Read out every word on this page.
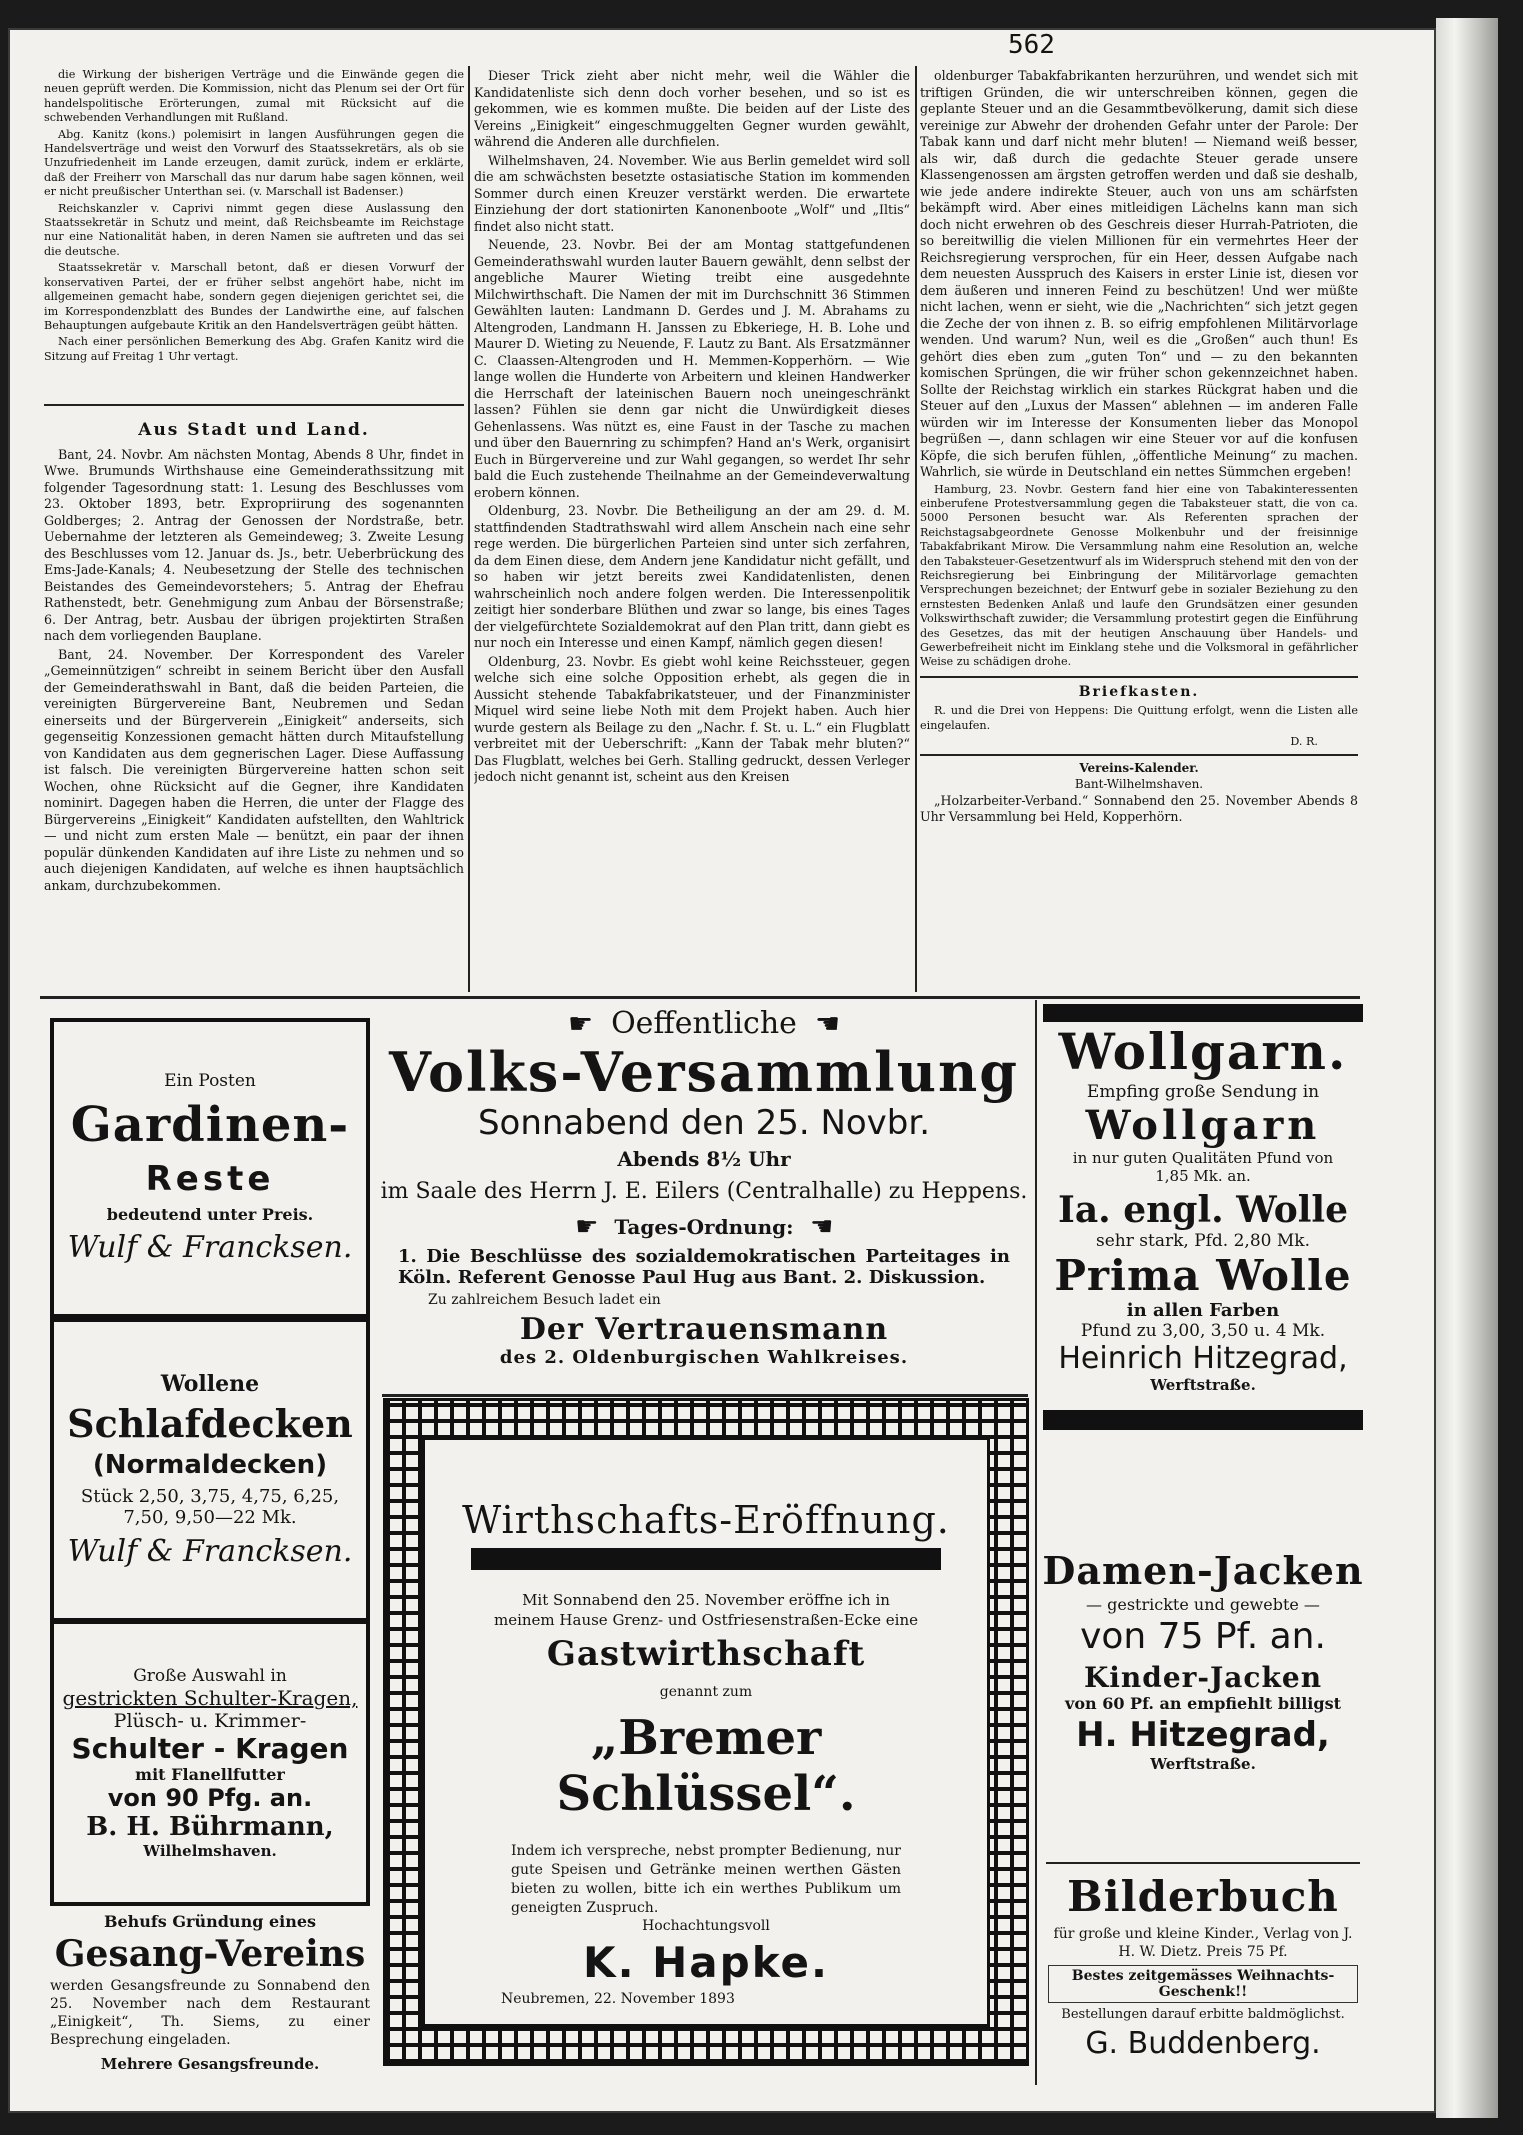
562

die Wirkung der bisherigen Verträge und die Einwände gegen die neuen geprüft werden. Die Kommission, nicht das Plenum sei der Ort für handelspolitische Erörterungen, zumal mit Rücksicht auf die schwebenden Verhandlungen mit Rußland.

Abg. Kanitz (kons.) polemisirt in langen Ausführungen gegen die Handelsverträge und weist den Vorwurf des Staatssekretärs, als ob sie Unzufriedenheit im Lande erzeugen, damit zurück, indem er erklärte, daß der Freiherr von Marschall das nur darum habe sagen können, weil er nicht preußischer Unterthan sei. (v. Marschall ist Badenser.)

Reichskanzler v. Caprivi nimmt gegen diese Auslassung den Staatssekretär in Schutz und meint, daß Reichsbeamte im Reichstage nur eine Nationalität haben, in deren Namen sie auftreten und das sei die deutsche.

Staatssekretär v. Marschall betont, daß er diesen Vorwurf der konservativen Partei, der er früher selbst angehört habe, nicht im allgemeinen gemacht habe, sondern gegen diejenigen gerichtet sei, die im Korrespondenzblatt des Bundes der Landwirthe eine, auf falschen Behauptungen aufgebaute Kritik an den Handelsverträgen geübt hätten.

Nach einer persönlichen Bemerkung des Abg. Grafen Kanitz wird die Sitzung auf Freitag 1 Uhr vertagt.

Aus Stadt und Land.

Bant, 24. Novbr. Am nächsten Montag, Abends 8 Uhr, findet in Wwe. Brumunds Wirthshause eine Gemeinderathssitzung mit folgender Tagesordnung statt: 1. Lesung des Beschlusses vom 23. Oktober 1893, betr. Expropriirung des sogenannten Goldberges; 2. Antrag der Genossen der Nordstraße, betr. Uebernahme der letzteren als Gemeindeweg; 3. Zweite Lesung des Beschlusses vom 12. Januar ds. Js., betr. Ueberbrückung des Ems-Jade-Kanals; 4. Neubesetzung der Stelle des technischen Beistandes des Gemeindevorstehers; 5. Antrag der Ehefrau Rathenstedt, betr. Genehmigung zum Anbau der Börsenstraße; 6. Der Antrag, betr. Ausbau der übrigen projektirten Straßen nach dem vorliegenden Bauplane.

Bant, 24. November. Der Korrespondent des Vareler „Gemeinnützigen“ schreibt in seinem Bericht über den Ausfall der Gemeinderathswahl in Bant, daß die beiden Parteien, die vereinigten Bürgervereine Bant, Neubremen und Sedan einerseits und der Bürgerverein „Einigkeit“ anderseits, sich gegenseitig Konzessionen gemacht hätten durch Mitaufstellung von Kandidaten aus dem gegnerischen Lager. Diese Auffassung ist falsch. Die vereinigten Bürgervereine hatten schon seit Wochen, ohne Rücksicht auf die Gegner, ihre Kandidaten nominirt. Dagegen haben die Herren, die unter der Flagge des Bürgervereins „Einigkeit“ Kandidaten aufstellten, den Wahltrick — und nicht zum ersten Male — benützt, ein paar der ihnen populär dünkenden Kandidaten auf ihre Liste zu nehmen und so auch diejenigen Kandidaten, auf welche es ihnen hauptsächlich ankam, durchzubekommen.

Dieser Trick zieht aber nicht mehr, weil die Wähler die Kandidatenliste sich denn doch vorher besehen, und so ist es gekommen, wie es kommen mußte. Die beiden auf der Liste des Vereins „Einigkeit“ eingeschmuggelten Gegner wurden gewählt, während die Anderen alle durchfielen.

Wilhelmshaven, 24. November. Wie aus Berlin gemeldet wird soll die am schwächsten besetzte ostasiatische Station im kommenden Sommer durch einen Kreuzer verstärkt werden. Die erwartete Einziehung der dort stationirten Kanonenboote „Wolf“ und „Iltis“ findet also nicht statt.

Neuende, 23. Novbr. Bei der am Montag stattgefundenen Gemeinderathswahl wurden lauter Bauern gewählt, denn selbst der angebliche Maurer Wieting treibt eine ausgedehnte Milchwirthschaft. Die Namen der mit im Durchschnitt 36 Stimmen Gewählten lauten: Landmann D. Gerdes und J. M. Abrahams zu Altengroden, Landmann H. Janssen zu Ebkeriege, H. B. Lohe und Maurer D. Wieting zu Neuende, F. Lautz zu Bant. Als Ersatzmänner C. Claassen-Altengroden und H. Memmen-Kopperhörn. — Wie lange wollen die Hunderte von Arbeitern und kleinen Handwerker die Herrschaft der lateinischen Bauern noch uneingeschränkt lassen? Fühlen sie denn gar nicht die Unwürdigkeit dieses Gehenlassens. Was nützt es, eine Faust in der Tasche zu machen und über den Bauernring zu schimpfen? Hand an's Werk, organisirt Euch in Bürgervereine und zur Wahl gegangen, so werdet Ihr sehr bald die Euch zustehende Theilnahme an der Gemeindeverwaltung erobern können.

Oldenburg, 23. Novbr. Die Betheiligung an der am 29. d. M. stattfindenden Stadtrathswahl wird allem Anschein nach eine sehr rege werden. Die bürgerlichen Parteien sind unter sich zerfahren, da dem Einen diese, dem Andern jene Kandidatur nicht gefällt, und so haben wir jetzt bereits zwei Kandidatenlisten, denen wahrscheinlich noch andere folgen werden. Die Interessenpolitik zeitigt hier sonderbare Blüthen und zwar so lange, bis eines Tages der vielgefürchtete Sozialdemokrat auf den Plan tritt, dann giebt es nur noch ein Interesse und einen Kampf, nämlich gegen diesen!

Oldenburg, 23. Novbr. Es giebt wohl keine Reichssteuer, gegen welche sich eine solche Opposition erhebt, als gegen die in Aussicht stehende Tabakfabrikatsteuer, und der Finanzminister Miquel wird seine liebe Noth mit dem Projekt haben. Auch hier wurde gestern als Beilage zu den „Nachr. f. St. u. L.“ ein Flugblatt verbreitet mit der Ueberschrift: „Kann der Tabak mehr bluten?“ Das Flugblatt, welches bei Gerh. Stalling gedruckt, dessen Verleger jedoch nicht genannt ist, scheint aus den Kreisen

oldenburger Tabakfabrikanten herzurühren, und wendet sich mit triftigen Gründen, die wir unterschreiben können, gegen die geplante Steuer und an die Gesammtbevölkerung, damit sich diese vereinige zur Abwehr der drohenden Gefahr unter der Parole: Der Tabak kann und darf nicht mehr bluten! — Niemand weiß besser, als wir, daß durch die gedachte Steuer gerade unsere Klassengenossen am ärgsten getroffen werden und daß sie deshalb, wie jede andere indirekte Steuer, auch von uns am schärfsten bekämpft wird. Aber eines mitleidigen Lächelns kann man sich doch nicht erwehren ob des Geschreis dieser Hurrah-Patrioten, die so bereitwillig die vielen Millionen für ein vermehrtes Heer der Reichsregierung versprochen, für ein Heer, dessen Aufgabe nach dem neuesten Ausspruch des Kaisers in erster Linie ist, diesen vor dem äußeren und inneren Feind zu beschützen! Und wer müßte nicht lachen, wenn er sieht, wie die „Nachrichten“ sich jetzt gegen die Zeche der von ihnen z. B. so eifrig empfohlenen Militärvorlage wenden. Und warum? Nun, weil es die „Großen“ auch thun! Es gehört dies eben zum „guten Ton“ und — zu den bekannten komischen Sprüngen, die wir früher schon gekennzeichnet haben. Sollte der Reichstag wirklich ein starkes Rückgrat haben und die Steuer auf den „Luxus der Massen“ ablehnen — im anderen Falle würden wir im Interesse der Konsumenten lieber das Monopol begrüßen —, dann schlagen wir eine Steuer vor auf die konfusen Köpfe, die sich berufen fühlen, „öffentliche Meinung“ zu machen. Wahrlich, sie würde in Deutschland ein nettes Sümmchen ergeben!

Hamburg, 23. Novbr. Gestern fand hier eine von Tabakinteressenten einberufene Protestversammlung gegen die Tabaksteuer statt, die von ca. 5000 Personen besucht war. Als Referenten sprachen der Reichstagsabgeordnete Genosse Molkenbuhr und der freisinnige Tabakfabrikant Mirow. Die Versammlung nahm eine Resolution an, welche den Tabaksteuer-Gesetzentwurf als im Widerspruch stehend mit den von der Reichsregierung bei Einbringung der Militärvorlage gemachten Versprechungen bezeichnet; der Entwurf gebe in sozialer Beziehung zu den ernstesten Bedenken Anlaß und laufe den Grundsätzen einer gesunden Volkswirthschaft zuwider; die Versammlung protestirt gegen die Einführung des Gesetzes, das mit der heutigen Anschauung über Handels- und Gewerbefreiheit nicht im Einklang stehe und die Volksmoral in gefährlicher Weise zu schädigen drohe.

Briefkasten.

R. und die Drei von Heppens: Die Quittung erfolgt, wenn die Listen alle eingelaufen.

D. R.

Vereins-Kalender.
Bant-Wilhelmshaven.

„Holzarbeiter-Verband.“ Sonnabend den 25. November Abends 8 Uhr Versammlung bei Held, Kopperhörn.

Ein Posten
Gardinen-
Reste
bedeutend unter Preis.
Wulf & Francksen.
Wollene
Schlafdecken
(Normaldecken)
Stück 2,50, 3,75, 4,75, 6,25, 7,50, 9,50—22 Mk.
Wulf & Francksen.
Große Auswahl in
gestrickten Schulter-Kragen,
Plüsch- u. Krimmer-
Schulter - Kragen
mit Flanellfutter
von 90 Pfg. an.
B. H. Bührmann,
Wilhelmshaven.
Behufs Gründung eines
Gesang-Vereins
werden Gesangsfreunde zu Sonnabend den 25. November nach dem Restaurant „Einigkeit“, Th. Siems, zu einer Besprechung eingeladen.
Mehrere Gesangsfreunde.
☛ Oeffentliche ☛
Volks-Versammlung
Sonnabend den 25. Novbr.
Abends 8½ Uhr
im Saale des Herrn J. E. Eilers (Centralhalle) zu Heppens.
☛ Tages-Ordnung: ☛
1. Die Beschlüsse des sozialdemokratischen Parteitages in Köln. Referent Genosse Paul Hug aus Bant. 2. Diskussion.
Zu zahlreichem Besuch ladet ein
Der Vertrauensmann
des 2. Oldenburgischen Wahlkreises.
Wirthschafts-Eröffnung.
Mit Sonnabend den 25. November eröffne ich in meinem Hause Grenz- und Ostfriesenstraßen-Ecke eine
Gastwirthschaft
genannt zum
„Bremer Schlüssel“.
Indem ich verspreche, nebst prompter Bedienung, nur gute Speisen und Getränke meinen werthen Gästen bieten zu wollen, bitte ich ein werthes Publikum um geneigten Zuspruch.
Hochachtungsvoll
K. Hapke.
Neubremen, 22. November 1893
Wollgarn.
Empfing große Sendung in
Wollgarn
in nur guten Qualitäten Pfund von 1,85 Mk. an.
Ia. engl. Wolle
sehr stark, Pfd. 2,80 Mk.
Prima Wolle
in allen Farben
Pfund zu 3,00, 3,50 u. 4 Mk.
Heinrich Hitzegrad,
Werftstraße.
Damen-Jacken
— gestrickte und gewebte —
von 75 Pf. an.
Kinder-Jacken
von 60 Pf. an empfiehlt billigst
H. Hitzegrad,
Werftstraße.
Bilderbuch
für große und kleine Kinder., Verlag von J. H. W. Dietz. Preis 75 Pf.
Bestes zeitgemässes Weihnachts-Geschenk!!
Bestellungen darauf erbitte baldmöglichst.
G. Buddenberg.
